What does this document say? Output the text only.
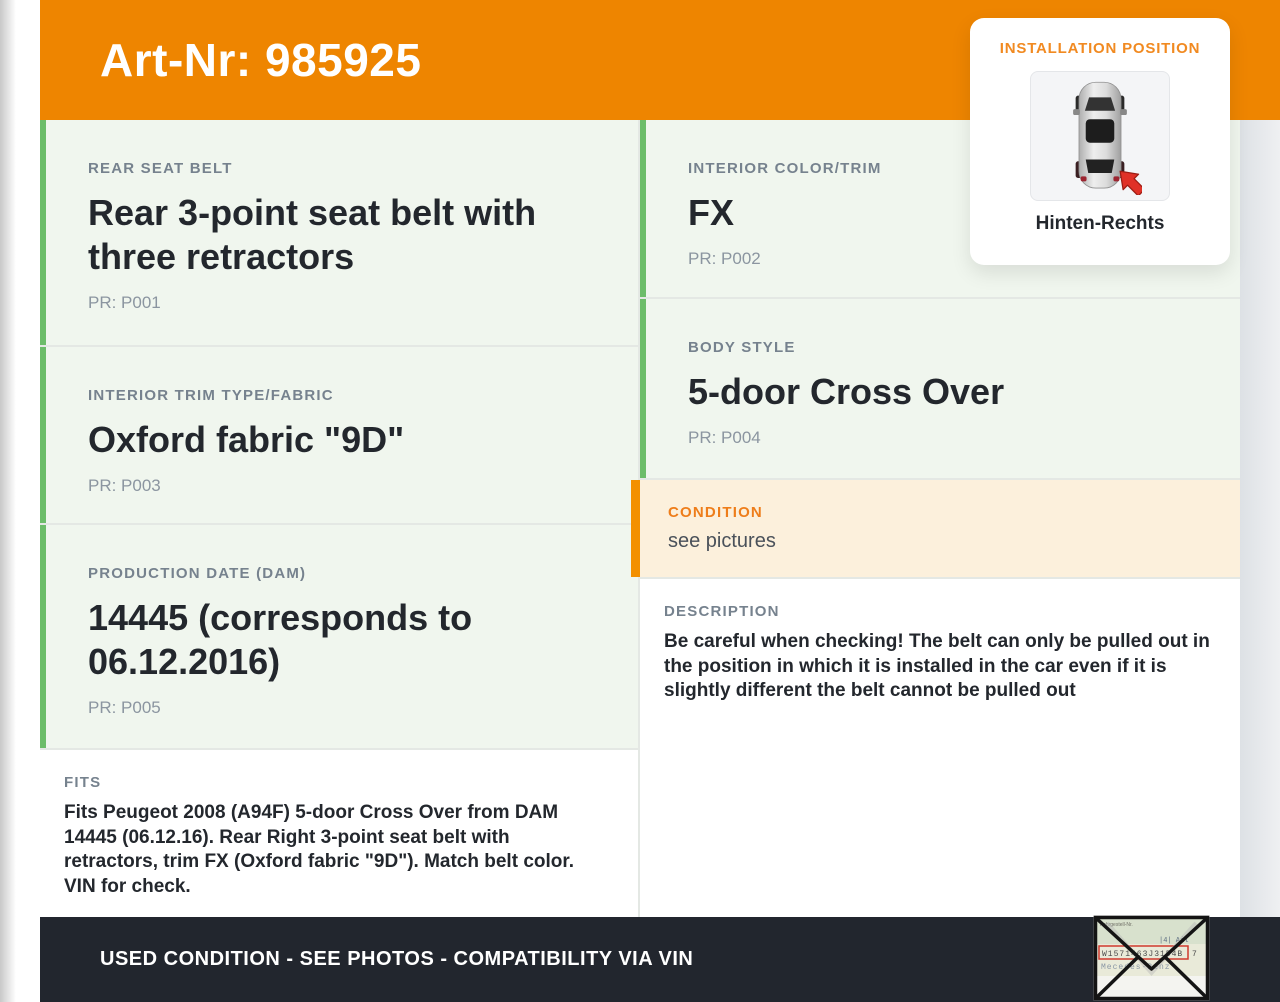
Art-Nr: 985925
REAR SEAT BELT
Rear 3-point seat belt with three retractors
PR: P001
INTERIOR TRIM TYPE/FABRIC
Oxford fabric "9D"
PR: P003
PRODUCTION DATE (DAM)
14445 (corresponds to 06.12.2016)
PR: P005
FITS

Fits Peugeot 2008 (A94F) 5-door Cross Over from DAM 14445 (06.12.16). Rear Right 3-point seat belt with retractors, trim FX (Oxford fabric "9D"). Match belt color. VIN for check.

INTERIOR COLOR/TRIM
FX
PR: P002
BODY STYLE
5-door Cross Over
PR: P004
CONDITION
see pictures
DESCRIPTION

Be careful when checking! The belt can only be pulled out in the position in which it is installed in the car even if it is slightly different the belt cannot be pulled out

INSTALLATION POSITION
Hinten-Rechts
USED CONDITION - SEE PHOTOS - COMPATIBILITY VIA VIN
Fahrgestell-Nr.
|4| Ail
W1571463J3154B 7
Mecedes-Benz
